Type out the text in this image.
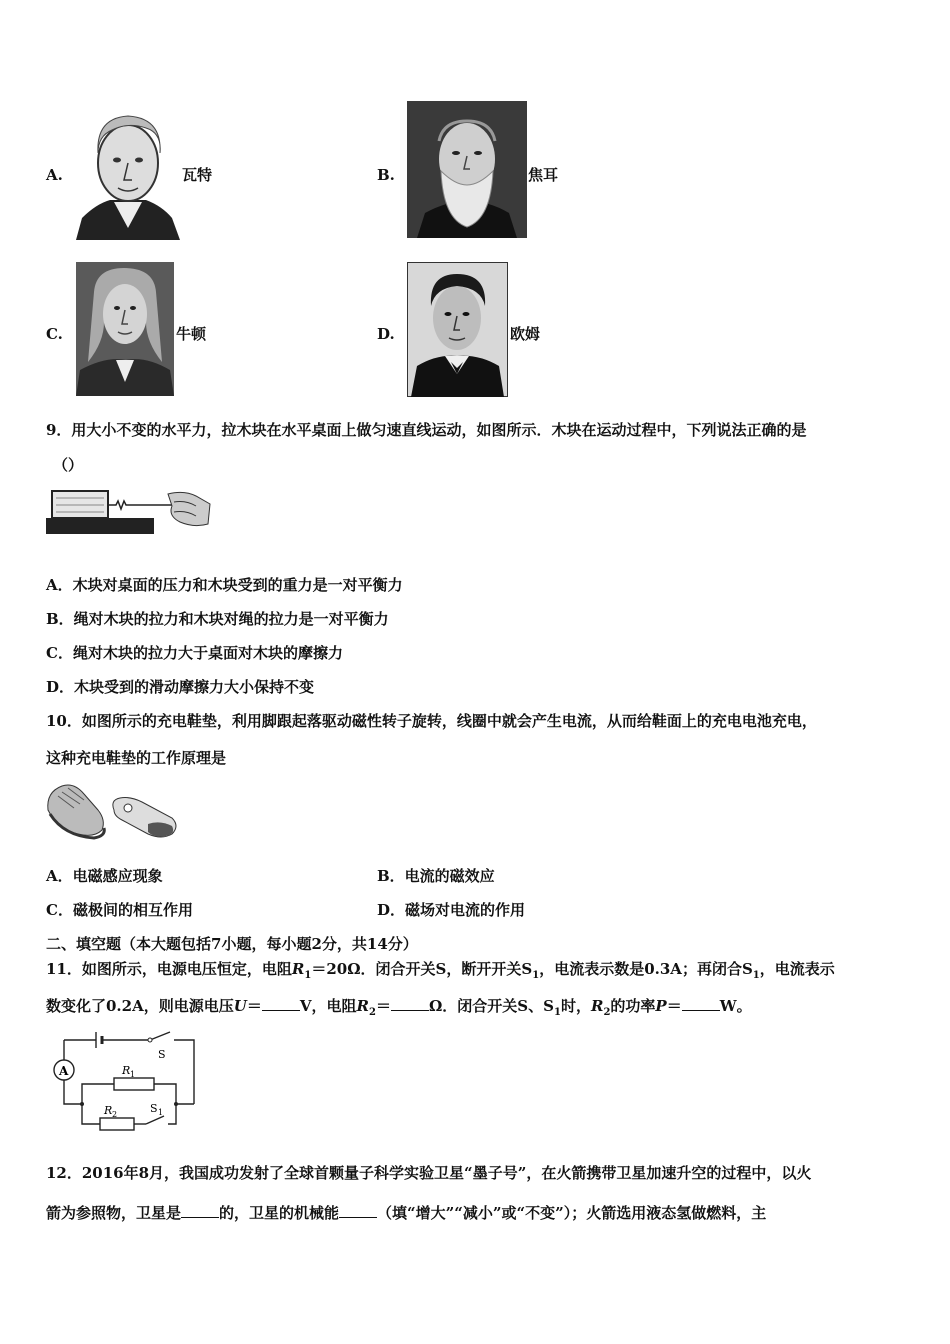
A.	瓦特	B.	焦耳
C.	牛顿	D.	欧姆
9．用大小不变的水平力，拉木块在水平桌面上做匀速直线运动，如图所示．木块在运动过程中，下列说法正确的是
（）
A．木块对桌面的压力和木块受到的重力是一对平衡力
B．绳对木块的拉力和木块对绳的拉力是一对平衡力
C．绳对木块的拉力大于桌面对木块的摩擦力
D．木块受到的滑动摩擦力大小保持不变
10．如图所示的充电鞋垫，利用脚跟起落驱动磁性转子旋转，线圈中就会产生电流，从而给鞋面上的充电电池充电，
这种充电鞋垫的工作原理是
A．电磁感应现象	B．电流的磁效应
C．磁极间的相互作用	D．磁场对电流的作用
二、填空题（本大题包括7小题，每小题2分，共14分）
11．如图所示，电源电压恒定，电阻$R_1=20\Omega$．闭合开关S，断开开关$S_1$，电流表示数是0.3A；再闭合$S_1$，电流表示
数变化了0.2A，则电源电压U＝	V，电阻$R_2=$	Ω．闭合开关S、$S_1$时，$R_2$的功率P＝	W。
A
S
R 1
R 2	S 1
12．2016年8月，我国成功发射了全球首颗量子科学实验卫星“墨子号”，在火箭携带卫星加速升空的过程中，以火
箭为参照物，卫星是	的，卫星的机械能	（填“增大”“减小”或“不变”）；火箭选用液态氢做燃料，主
